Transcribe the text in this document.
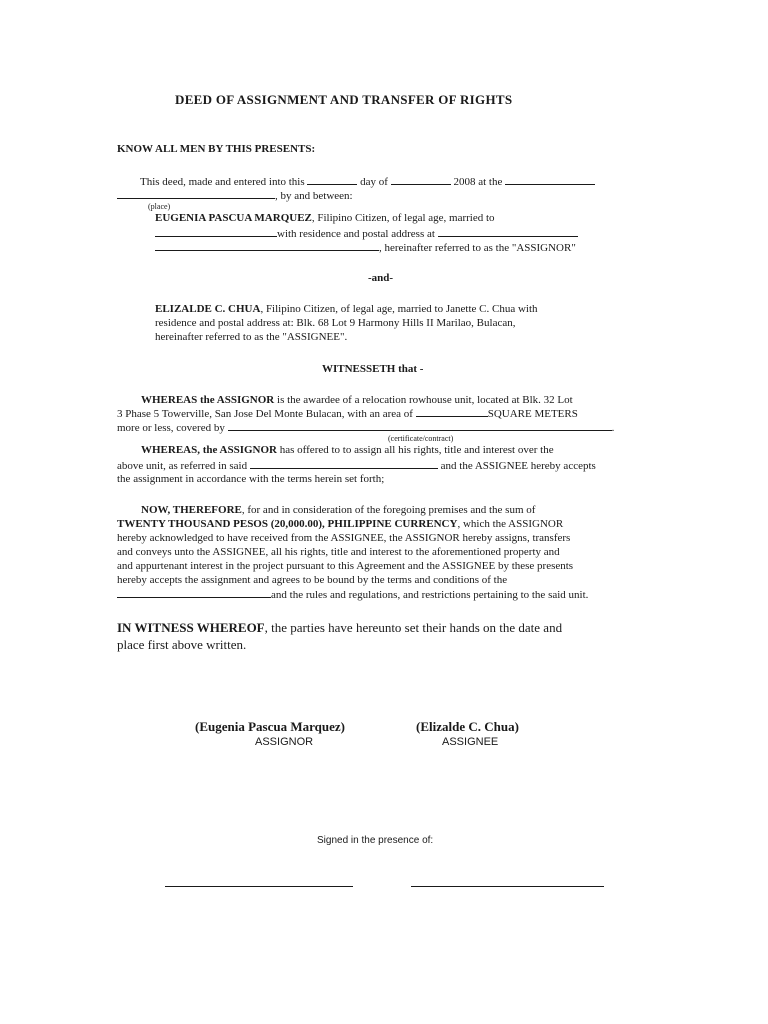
DEED OF ASSIGNMENT AND TRANSFER OF RIGHTS
KNOW ALL MEN BY THIS PRESENTS:
This deed, made and entered into this	day of	2008 at the
, by and between:
(place)
EUGENIA PASCUA MARQUEZ, Filipino Citizen, of legal age, married to
with residence and postal address at
, hereinafter referred to as the "ASSIGNOR"
-and-
ELIZALDE C. CHUA, Filipino Citizen, of legal age, married to Janette C. Chua with
residence and postal address at: Blk. 68 Lot 9 Harmony Hills II Marilao, Bulacan,
hereinafter referred to as the "ASSIGNEE".
WITNESSETH that -
WHEREAS the ASSIGNOR is the awardee of a relocation rowhouse unit, located at Blk. 32 Lot
3 Phase 5 Towerville, San Jose Del Monte Bulacan, with an area of	SQUARE METERS
more or less, covered by	.
(certificate/contract)
WHEREAS, the ASSIGNOR has offered to to assign all his rights, title and interest over the
above unit, as referred in said	and the ASSIGNEE hereby accepts
the assignment in accordance with the terms herein set forth;
NOW, THEREFORE, for and in consideration of the foregoing premises and the sum of
TWENTY THOUSAND PESOS (20,000.00), PHILIPPINE CURRENCY, which the ASSIGNOR
hereby acknowledged to have received from the ASSIGNEE, the ASSIGNOR hereby assigns, transfers
and conveys unto the ASSIGNEE, all his rights, title and interest to the aforementioned property and
and appurtenant interest in the project pursuant to this Agreement and the ASSIGNEE by these presents
hereby accepts the assignment and agrees to be bound by the terms and conditions of the
and the rules and regulations, and restrictions pertaining to the said unit.
IN WITNESS WHEREOF, the parties have hereunto set their hands on the date and
place first above written.
(Eugenia Pascua Marquez)
ASSIGNOR
(Elizalde C. Chua)
ASSIGNEE
Signed in the presence of:
